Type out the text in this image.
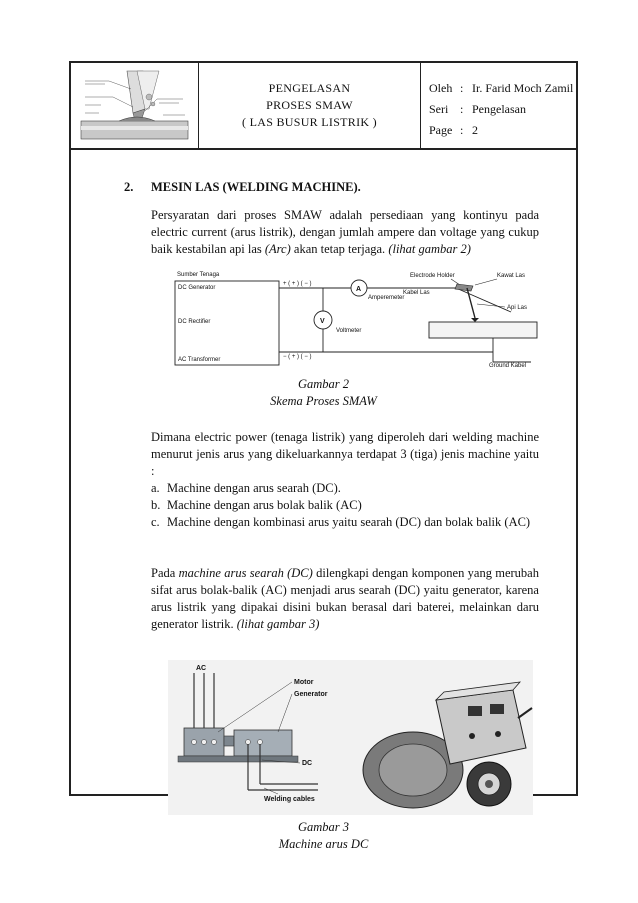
PENGELASAN
PROSES SMAW
( LAS BUSUR LISTRIK )
Oleh : Ir. Farid Moch Zamil
Seri : Pengelasan
Page : 2
2. MESIN LAS (WELDING MACHINE).
Persyaratan dari proses SMAW adalah persediaan yang kontinyu pada electric current (arus listrik), dengan jumlah ampere dan voltage yang cukup baik kestabilan api las (Arc) akan tetap terjaga. (lihat gambar 2)
Sumber Tenaga
DC Generator
DC Rectifier
AC Transformer
+ ( + ) ( − )
− ( + ) ( − )
A
V
Amperemeter
Voltmeter
Electrode Holder
Kabel Las
Kawat Las
Api Las
Ground Kabel
Gambar 2
Skema Proses SMAW
Dimana electric power (tenaga listrik) yang diperoleh dari welding machine menurut jenis arus yang dikeluarkannya terdapat 3 (tiga) jenis machine yaitu :
a. Machine dengan arus searah (DC).
b. Machine dengan arus bolak balik (AC)
c. Machine dengan kombinasi arus yaitu searah (DC) dan bolak balik (AC)
Pada machine arus searah (DC) dilengkapi dengan komponen yang merubah sifat arus bolak-balik (AC) menjadi arus searah (DC) yaitu generator, karena arus listrik yang dipakai disini bukan berasal dari baterei, melainkan daru generator listrik. (lihat gambar 3)
AC
Motor
Generator
DC
Welding cables
Gambar 3
Machine arus DC
